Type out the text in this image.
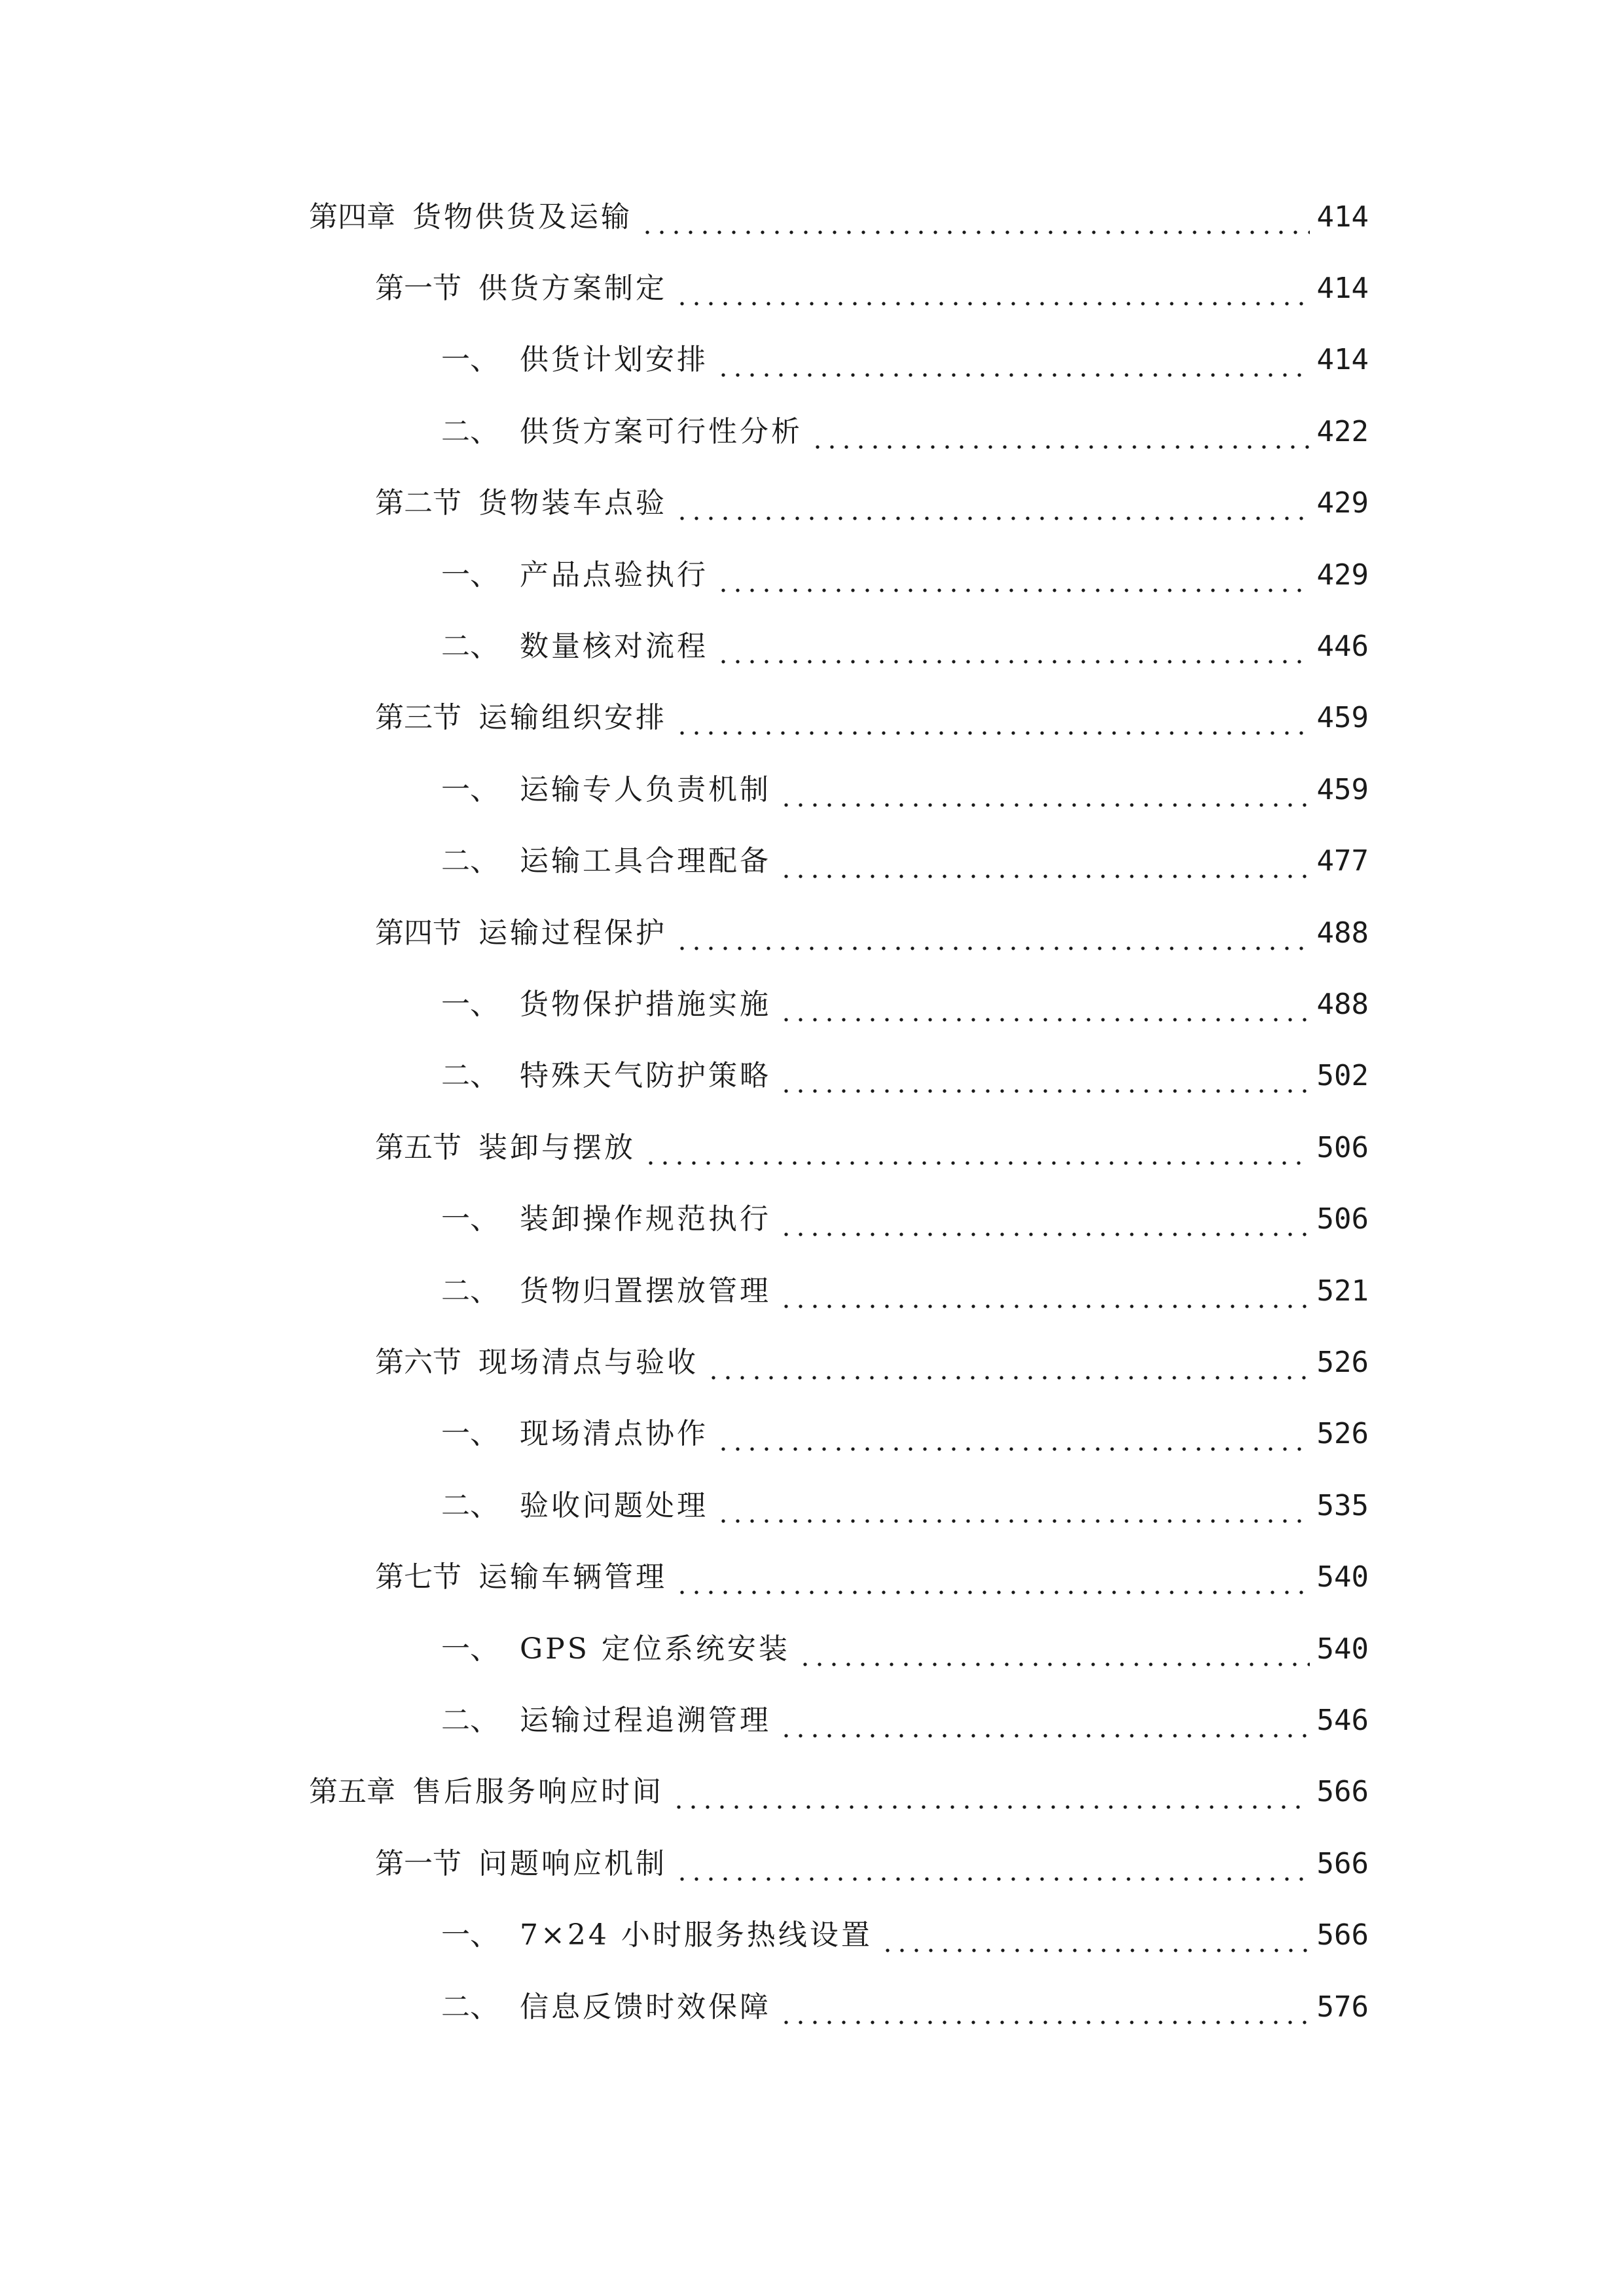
第四章 货物供货及运输	414
第一节 供货方案制定	414
一、 供货计划安排	414
二、 供货方案可行性分析	422
第二节 货物装车点验	429
一、 产品点验执行	429
二、 数量核对流程	446
第三节 运输组织安排	459
一、 运输专人负责机制	459
二、 运输工具合理配备	477
第四节 运输过程保护	488
一、 货物保护措施实施	488
二、 特殊天气防护策略	502
第五节 装卸与摆放	506
一、 装卸操作规范执行	506
二、 货物归置摆放管理	521
第六节 现场清点与验收	526
一、 现场清点协作	526
二、 验收问题处理	535
第七节 运输车辆管理	540
一、 GPS 定位系统安装	540
二、 运输过程追溯管理	546
第五章 售后服务响应时间	566
第一节 问题响应机制	566
一、 7×24 小时服务热线设置	566
二、 信息反馈时效保障	576
